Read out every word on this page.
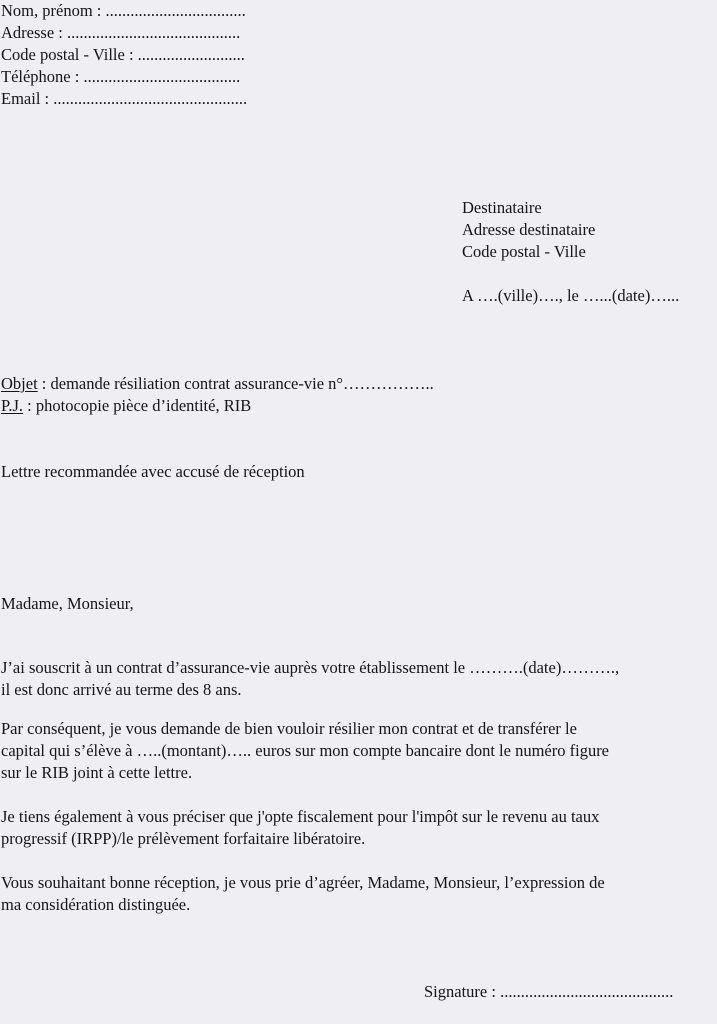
Nom, prénom : ..................................
Adresse : ..........................................
Code postal - Ville : ..........................
Téléphone : ......................................
Email : ...............................................
Destinataire
Adresse destinataire
Code postal - Ville
A ….(ville)…., le …...(date)…...
Objet : demande résiliation contrat assurance-vie n°……………..
P.J. : photocopie pièce d’identité, RIB
Lettre recommandée avec accusé de réception
Madame, Monsieur,
J’ai souscrit à un contrat d’assurance-vie auprès votre établissement le ……….(date)……….,
il est donc arrivé au terme des 8 ans.
Par conséquent, je vous demande de bien vouloir résilier mon contrat et de transférer le
capital qui s’élève à …..(montant)….. euros sur mon compte bancaire dont le numéro figure
sur le RIB joint à cette lettre.
Je tiens également à vous préciser que j'opte fiscalement pour l'impôt sur le revenu au taux
progressif (IRPP)/le prélèvement forfaitaire libératoire.
Vous souhaitant bonne réception, je vous prie d’agréer, Madame, Monsieur, l’expression de
ma considération distinguée.
Signature : ..........................................
